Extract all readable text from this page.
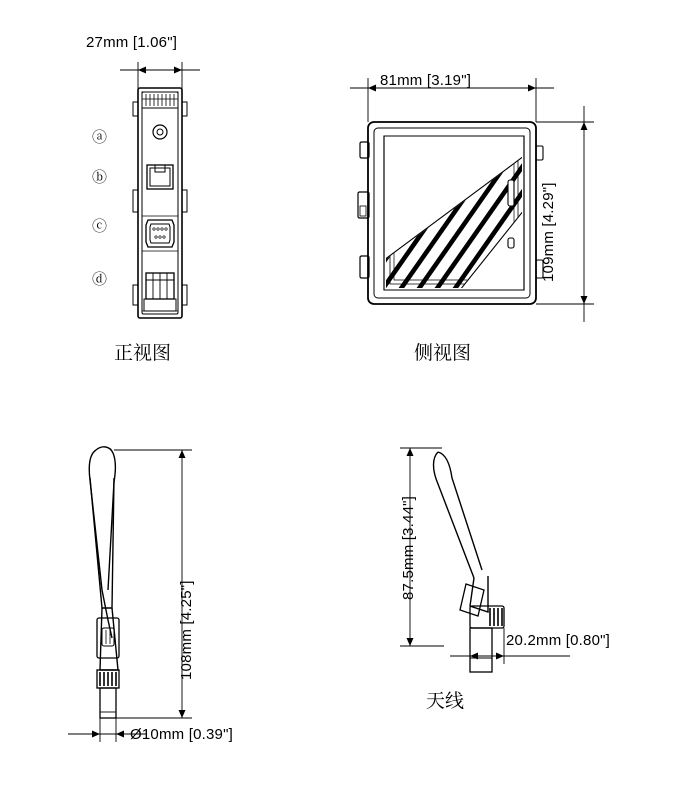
27mm [1.06"]
ⓐ
ⓑ
ⓒ
ⓓ
正视图
81mm [3.19"]
109mm [4.29"]
侧视图
108mm [4.25"]
Ø10mm [0.39"]
87.5mm [3.44"]
20.2mm [0.80"]
天线
